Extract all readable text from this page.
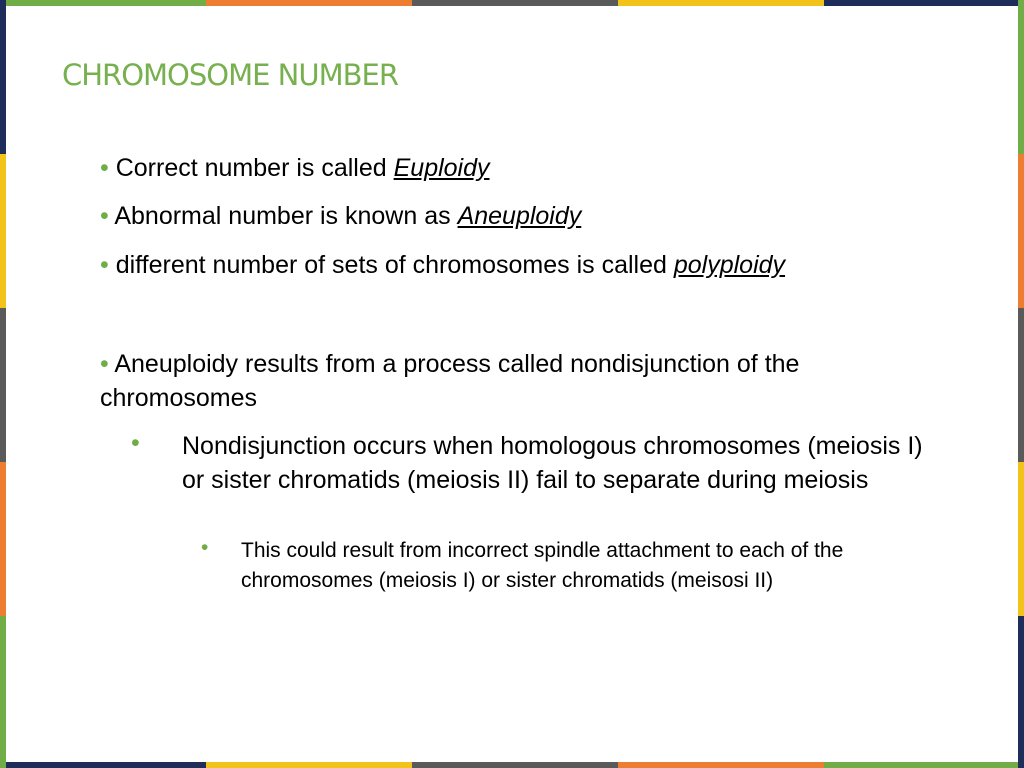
CHROMOSOME NUMBER
• Correct number is called Euploidy
• Abnormal number is known as Aneuploidy
• different number of sets of chromosomes is called polyploidy
• Aneuploidy results from a process called nondisjunction of the chromosomes
• Nondisjunction occurs when homologous chromosomes (meiosis I) or sister chromatids (meiosis II) fail to separate during meiosis
• This could result from incorrect spindle attachment to each of the chromosomes (meiosis I) or sister chromatids (meisosi II)
